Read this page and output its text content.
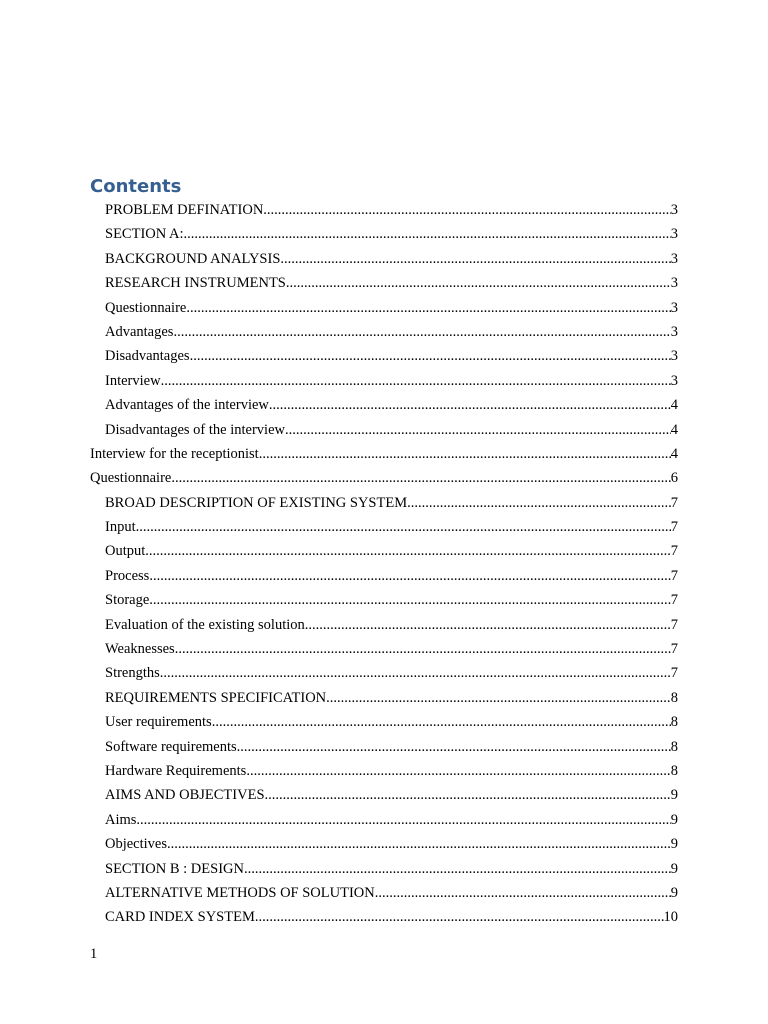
Contents
PROBLEM DEFINATION .....	3
SECTION A: .....	3
BACKGROUND ANALYSIS .....	3
RESEARCH INSTRUMENTS .....	3
Questionnaire .....	3
Advantages .....	3
Disadvantages .....	3
Interview .....	3
Advantages of the interview .....	4
Disadvantages of the interview .....	4
Interview for the receptionist .....	4
Questionnaire .....	6
BROAD DESCRIPTION OF EXISTING SYSTEM .....	7
Input .....	7
Output .....	7
Process .....	7
Storage .....	7
Evaluation of the existing solution .....	7
Weaknesses .....	7
Strengths .....	7
REQUIREMENTS SPECIFICATION .....	8
User requirements .....	8
Software requirements .....	8
Hardware Requirements .....	8
AIMS AND OBJECTIVES .....	9
Aims .....	9
Objectives .....	9
SECTION B : DESIGN .....	9
ALTERNATIVE METHODS OF SOLUTION .....	9
CARD INDEX SYSTEM .....	10
1
